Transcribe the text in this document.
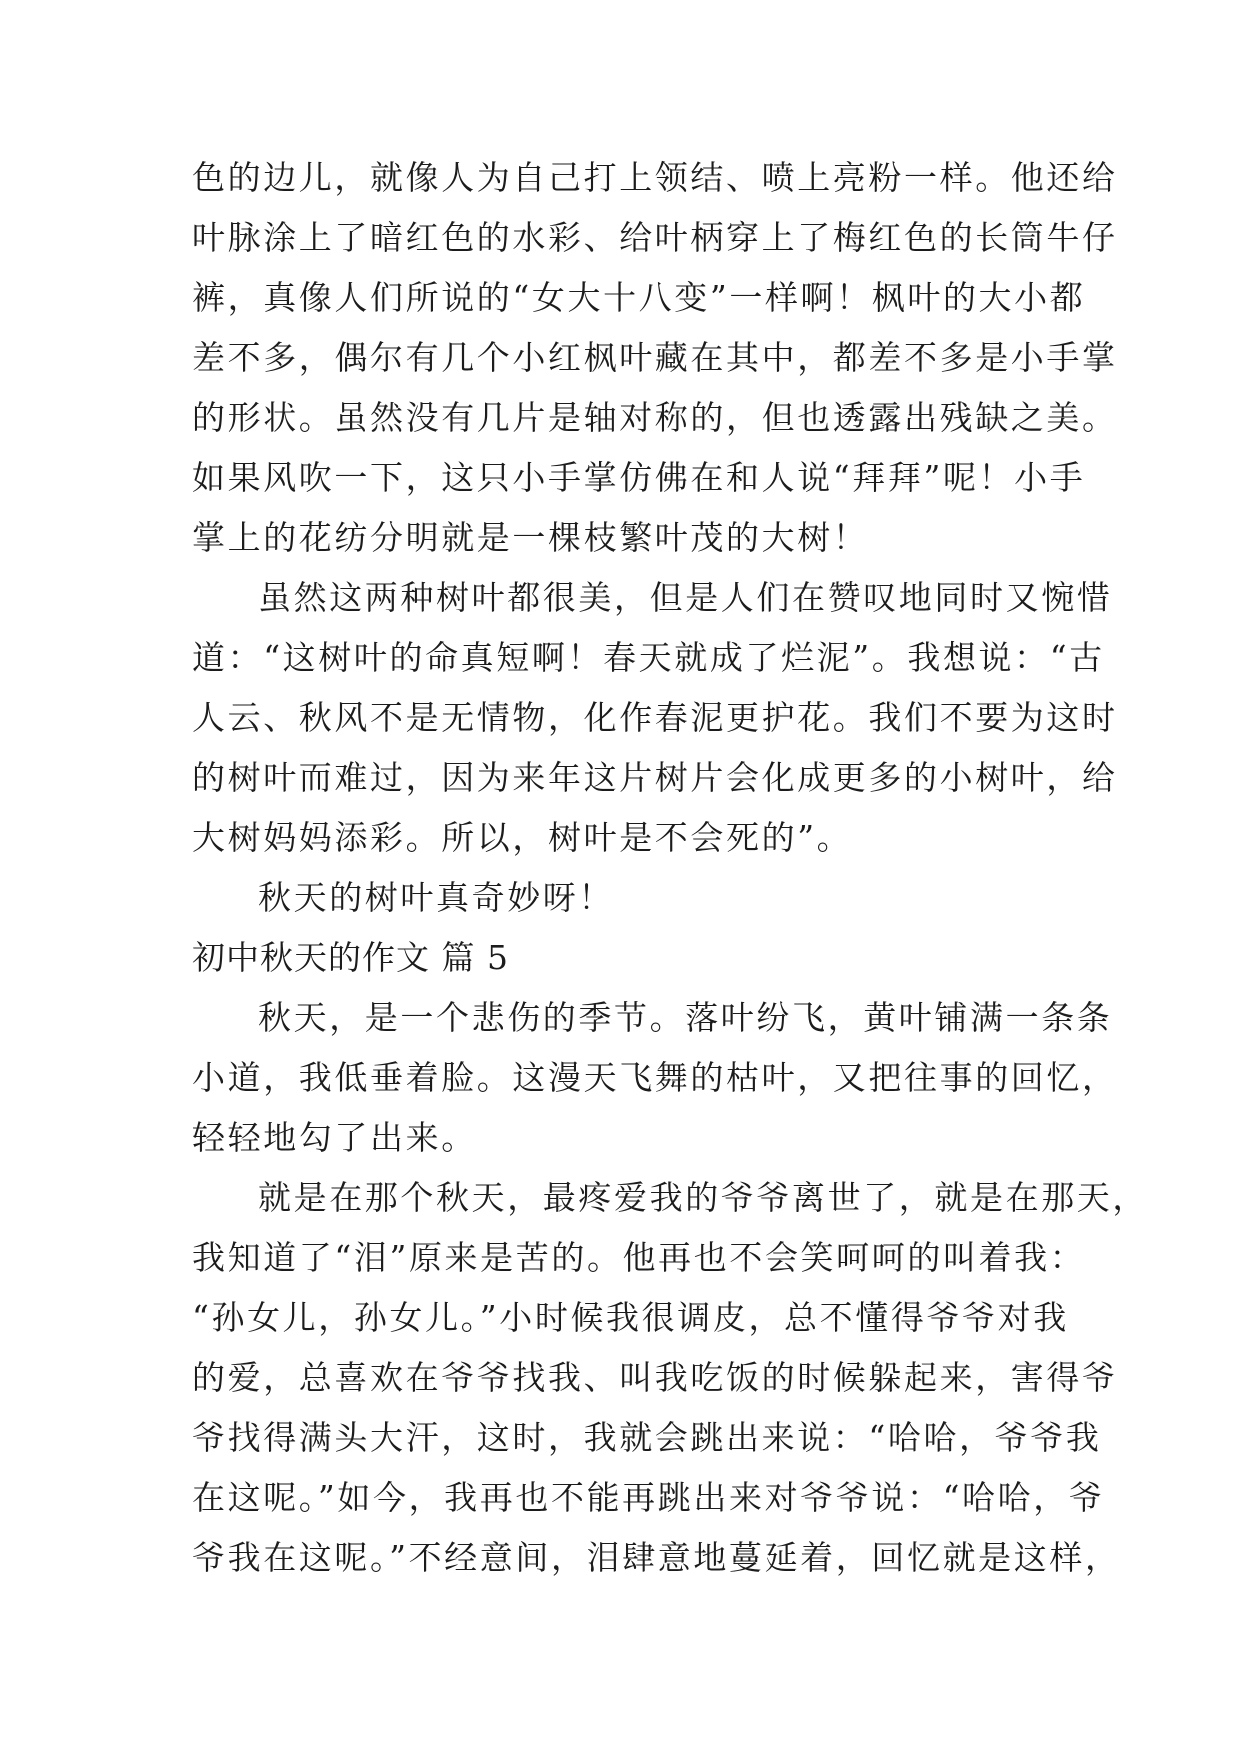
色的边儿，就像人为自己打上领结、喷上亮粉一样。他还给
叶脉涂上了暗红色的水彩、给叶柄穿上了梅红色的长筒牛仔
裤，真像人们所说的“女大十八变”一样啊！枫叶的大小都
差不多，偶尔有几个小红枫叶藏在其中，都差不多是小手掌
的形状。虽然没有几片是轴对称的，但也透露出残缺之美。
如果风吹一下，这只小手掌仿佛在和人说“拜拜”呢！小手
掌上的花纺分明就是一棵枝繁叶茂的大树！
虽然这两种树叶都很美，但是人们在赞叹地同时又惋惜
道：“这树叶的命真短啊！春天就成了烂泥”。我想说：“古
人云、秋风不是无情物，化作春泥更护花。我们不要为这时
的树叶而难过，因为来年这片树片会化成更多的小树叶，给
大树妈妈添彩。所以，树叶是不会死的”。
秋天的树叶真奇妙呀！
初中秋天的作文 篇 5
秋天，是一个悲伤的季节。落叶纷飞，黄叶铺满一条条
小道，我低垂着脸。这漫天飞舞的枯叶，又把往事的回忆，
轻轻地勾了出来。
就是在那个秋天，最疼爱我的爷爷离世了，就是在那天，
我知道了“泪”原来是苦的。他再也不会笑呵呵的叫着我：
“孙女儿，孙女儿。”小时候我很调皮，总不懂得爷爷对我
的爱，总喜欢在爷爷找我、叫我吃饭的时候躲起来，害得爷
爷找得满头大汗，这时，我就会跳出来说：“哈哈，爷爷我
在这呢。”如今，我再也不能再跳出来对爷爷说：“哈哈，爷
爷我在这呢。”不经意间，泪肆意地蔓延着，回忆就是这样，
